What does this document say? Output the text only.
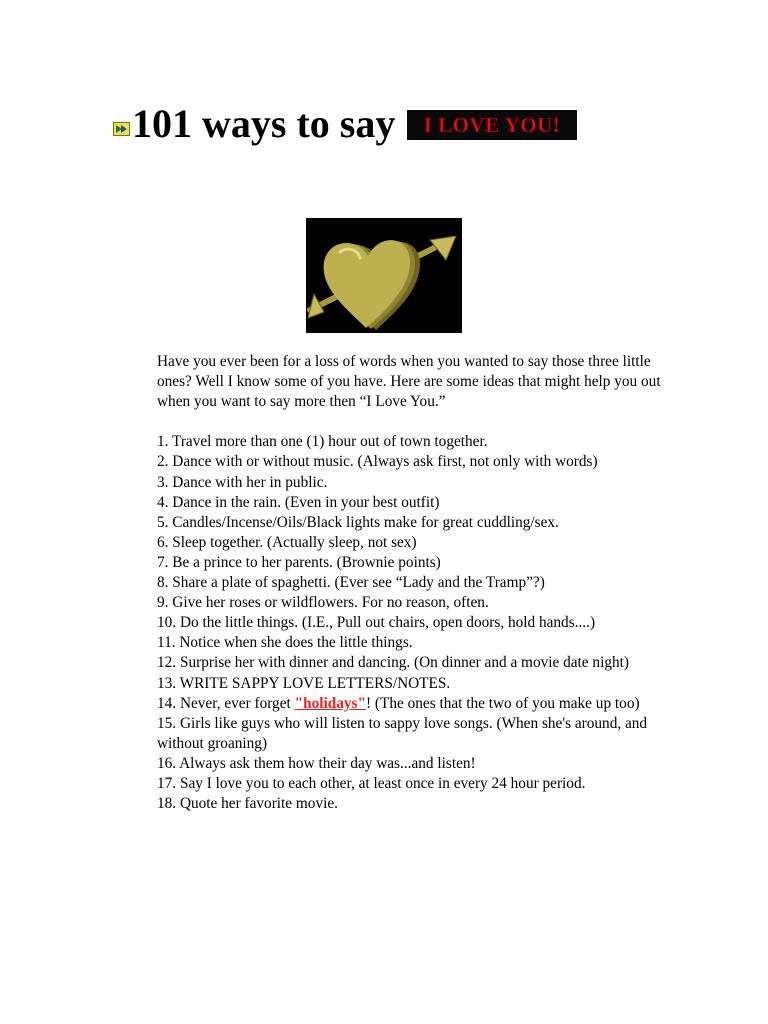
101 ways to say I LOVE YOU!

Have you ever been for a loss of words when you wanted to say those three little ones? Well I know some of you have. Here are some ideas that might help you out when you want to say more then “I Love You.”

1. Travel more than one (1) hour out of town together.

2. Dance with or without music. (Always ask first, not only with words)

3. Dance with her in public.

4. Dance in the rain. (Even in your best outfit)

5. Candles/Incense/Oils/Black lights make for great cuddling/sex.

6. Sleep together. (Actually sleep, not sex)

7. Be a prince to her parents. (Brownie points)

8. Share a plate of spaghetti. (Ever see “Lady and the Tramp”?)

9. Give her roses or wildflowers. For no reason, often.

10. Do the little things. (I.E., Pull out chairs, open doors, hold hands....)

11. Notice when she does the little things.

12. Surprise her with dinner and dancing. (On dinner and a movie date night)

13. WRITE SAPPY LOVE LETTERS/NOTES.

14. Never, ever forget "holidays"! (The ones that the two of you make up too)

15. Girls like guys who will listen to sappy love songs. (When she's around, and without groaning)

16. Always ask them how their day was...and listen!

17. Say I love you to each other, at least once in every 24 hour period.

18. Quote her favorite movie.
